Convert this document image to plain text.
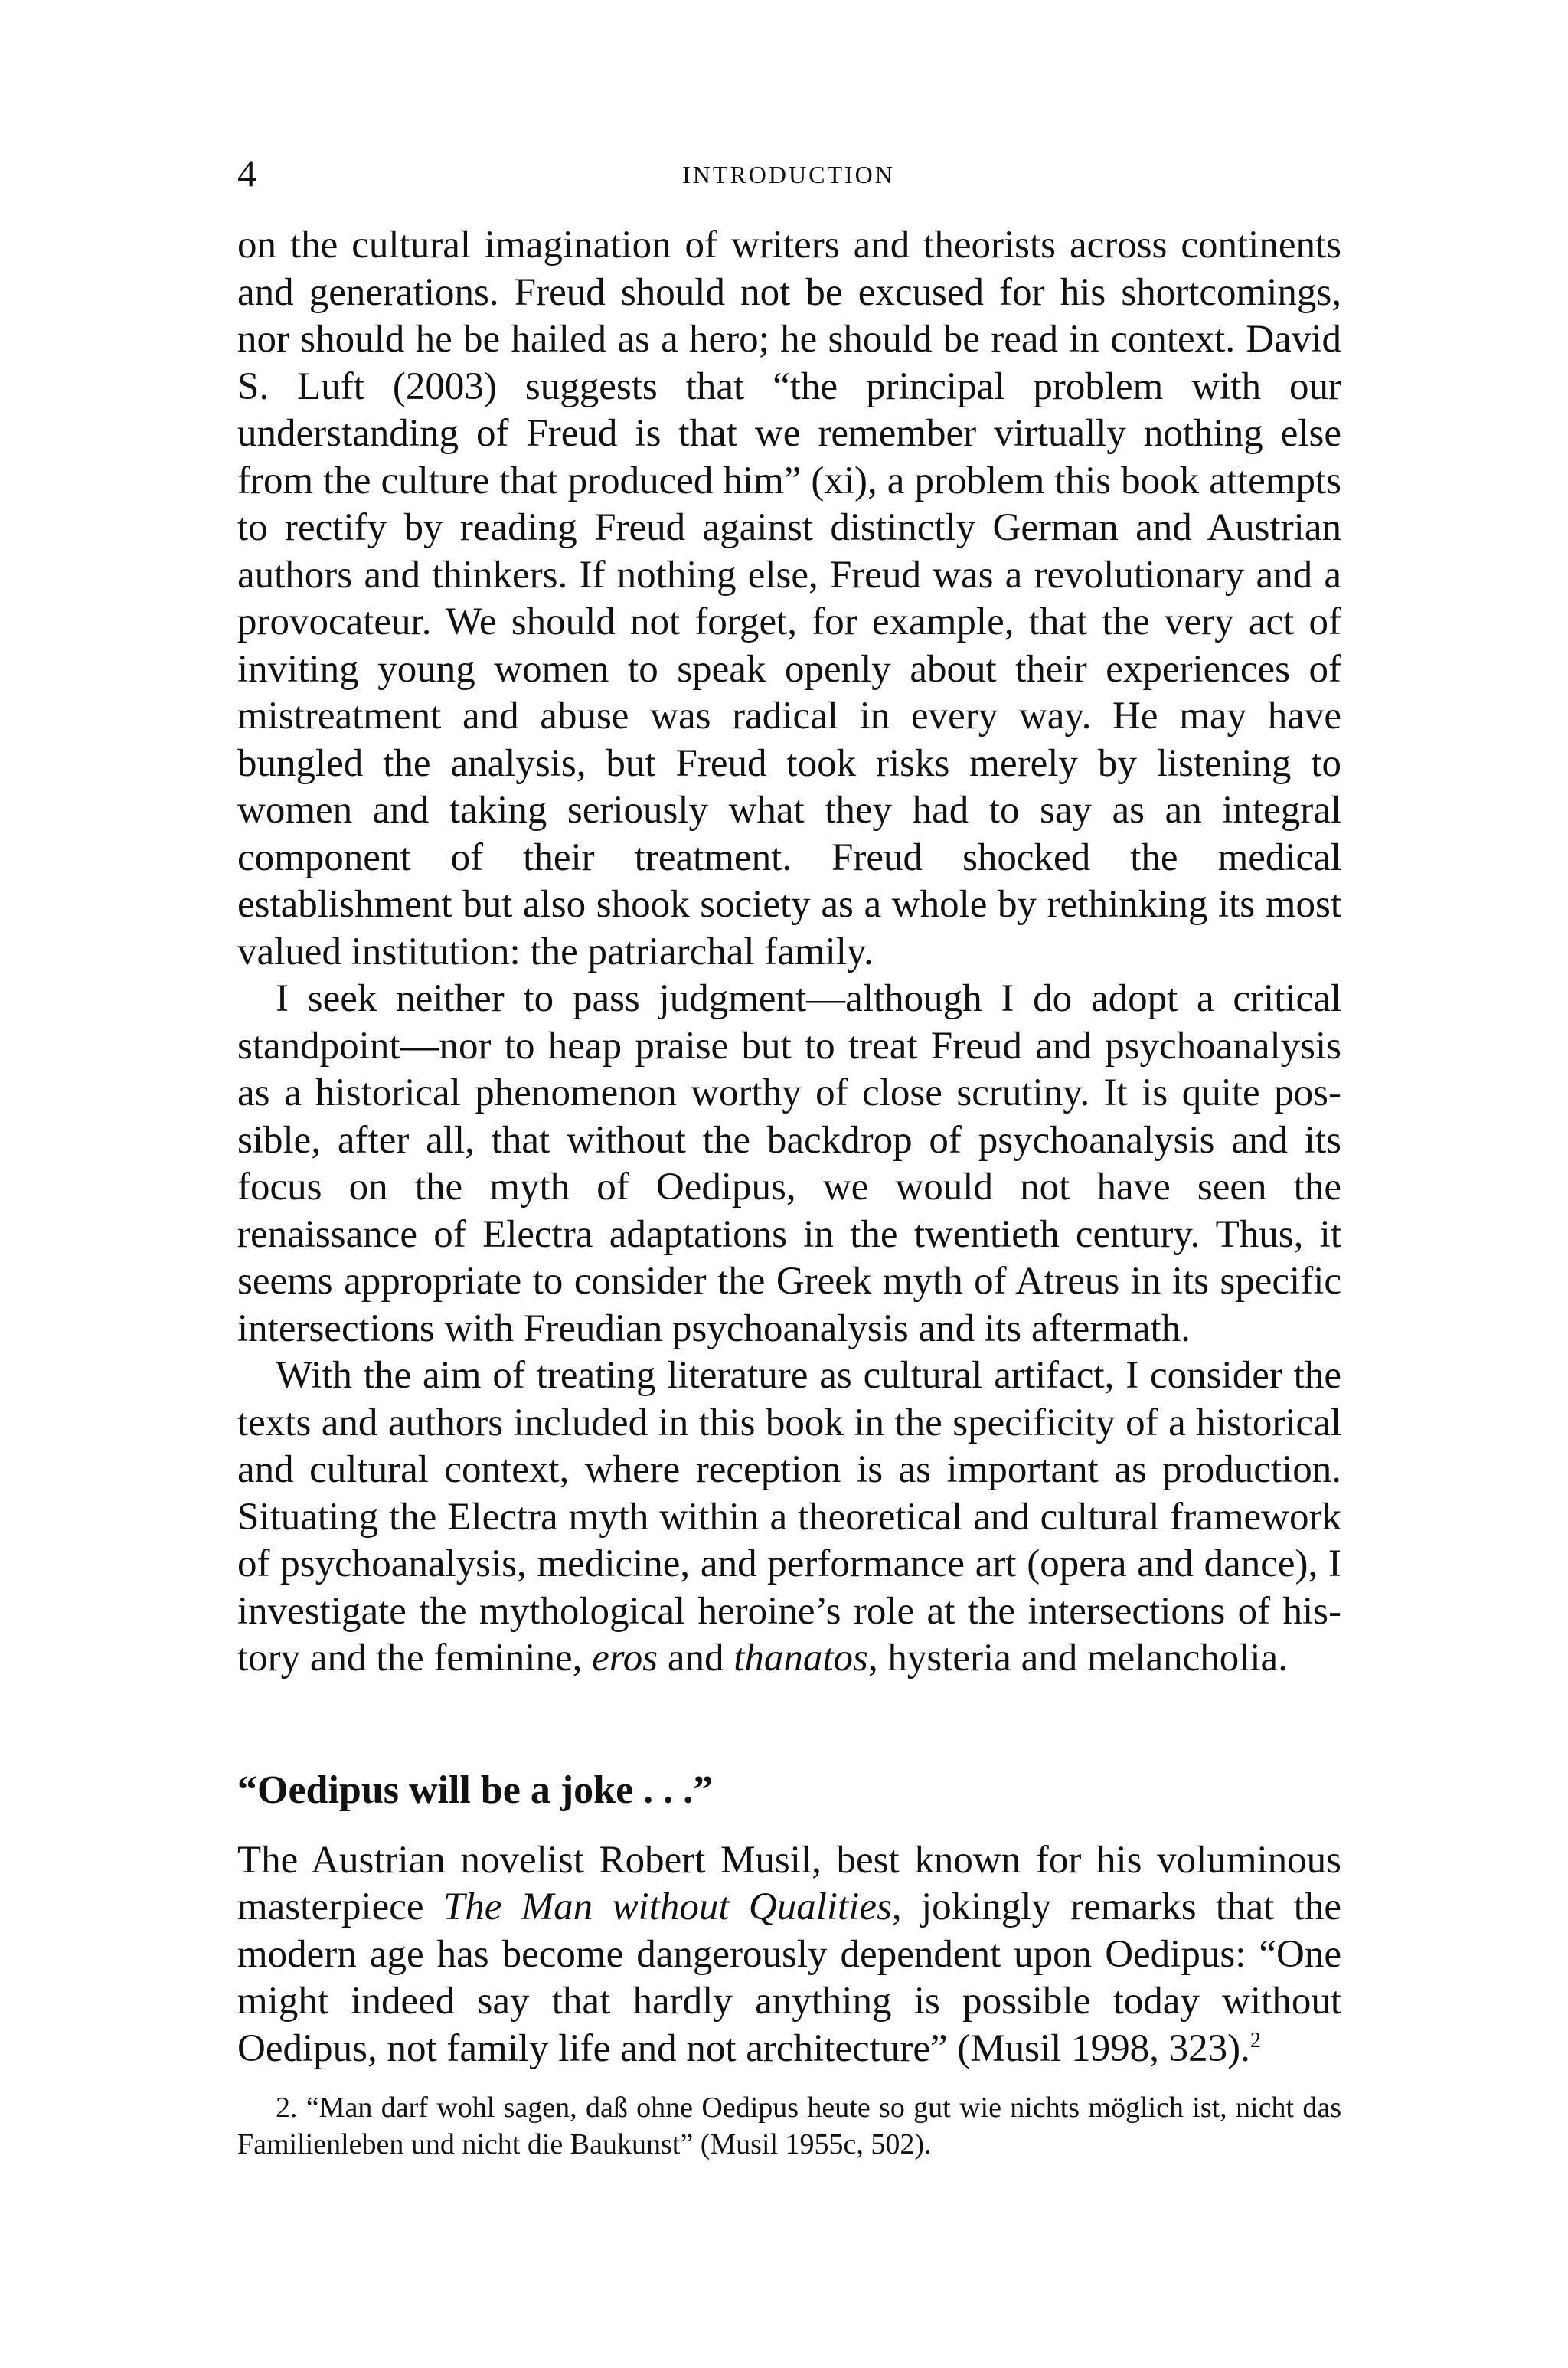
4	INTRODUCTION

on the cultural imagination of writers and theorists across continents and generations. Freud should not be excused for his shortcomings, nor should he be hailed as a hero; he should be read in context. David S. Luft (2003) suggests that “the principal problem with our understanding of Freud is that we remember virtually nothing else from the culture that produced him” (xi), a problem this book attempts to rectify by reading Freud against distinctly German and Austrian authors and thinkers. If nothing else, Freud was a revolutionary and a provocateur. We should not forget, for example, that the very act of inviting young women to speak openly about their experiences of mistreatment and abuse was radical in every way. He may have bungled the analysis, but Freud took risks merely by listening to women and taking seriously what they had to say as an integral component of their treatment. Freud shocked the medical establishment but also shook society as a whole by rethinking its most valued institution: the patriarchal family.

I seek neither to pass judgment—although I do adopt a critical standpoint—nor to heap praise but to treat Freud and psychoanalysis as a historical phenomenon worthy of close scrutiny. It is quite possible, after all, that without the backdrop of psychoanalysis and its focus on the myth of Oedipus, we would not have seen the renaissance of Electra adaptations in the twentieth century. Thus, it seems appropriate to consider the Greek myth of Atreus in its specific intersections with Freudian psychoanalysis and its aftermath.

With the aim of treating literature as cultural artifact, I consider the texts and authors included in this book in the specificity of a historical and cultural context, where reception is as important as production. Situating the Electra myth within a theoretical and cultural framework of psychoanalysis, medicine, and performance art (opera and dance), I investigate the mythological heroine’s role at the intersections of history and the feminine, eros and thanatos, hysteria and melancholia.

“Oedipus will be a joke . . .”

The Austrian novelist Robert Musil, best known for his voluminous masterpiece The Man without Qualities, jokingly remarks that the modern age has become dangerously dependent upon Oedipus: “One might indeed say that hardly anything is possible today without Oedipus, not family life and not architecture” (Musil 1998, 323).$^2$

2. “Man darf wohl sagen, daß ohne Oedipus heute so gut wie nichts möglich ist, nicht das Familienleben und nicht die Baukunst” (Musil 1955c, 502).
